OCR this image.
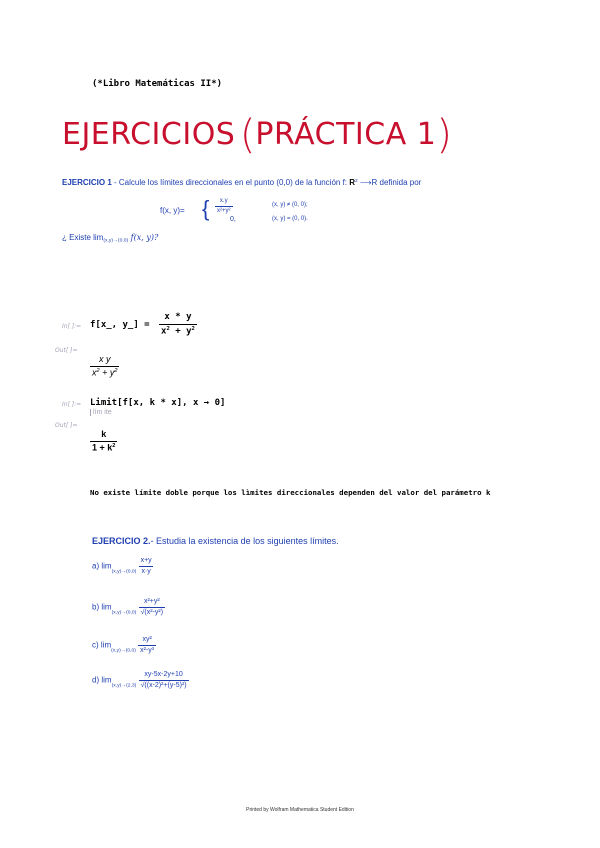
(*Libro Matemáticas II*)
EJERCICIOS (PRÁCTICA 1)
EJERCICIO 1 - Calcule los límites direccionales en el punto (0,0) de la función f: $R^2$ ⟶R definida por
f(x, y)= { $\frac{x.y}{\text{x²+y²}}$
0,
(x, y) ≠ (0, 0);
(x, y) = (0, 0).
¿ Existe $\lim_{(x,y)\to(0,0)} f(x$, y)?
In[ ]:= f[x_, y_] = $\frac{x * y}{x^2 + y^2}$
Out[ ]=
$\frac{\text{x y}}{x^2 + y^2}$
In[ ]:= Limit[f[x, k * x], x → 0]
lím ite
Out[ ]=
$\frac{k}{1 + k^2}$
No existe límite doble porque los lìmites direccionales dependen del valor del parámetro k
EJERCICIO 2.- Estudia la existencia de los siguientes límites.
a) $\lim_{(x,y)\to(0,0)} \frac{x+y}{x\cdot y}$
b) $\lim_{(x,y)\to(0,0)} \frac{\text{x²+y²}}{\text{√(x²-y²)}}$
c) $\lim_{(x,y)\to(0,0)} \frac{\text{xy²}}{\text{x²-y³}}$
d) $\lim_{(x,y)\to(2,3)} \frac{xy-5x-2y+10}{\text{√((x-2)²+(y-5)²)}}$
Printed by Wolfram Mathematica Student Edition
